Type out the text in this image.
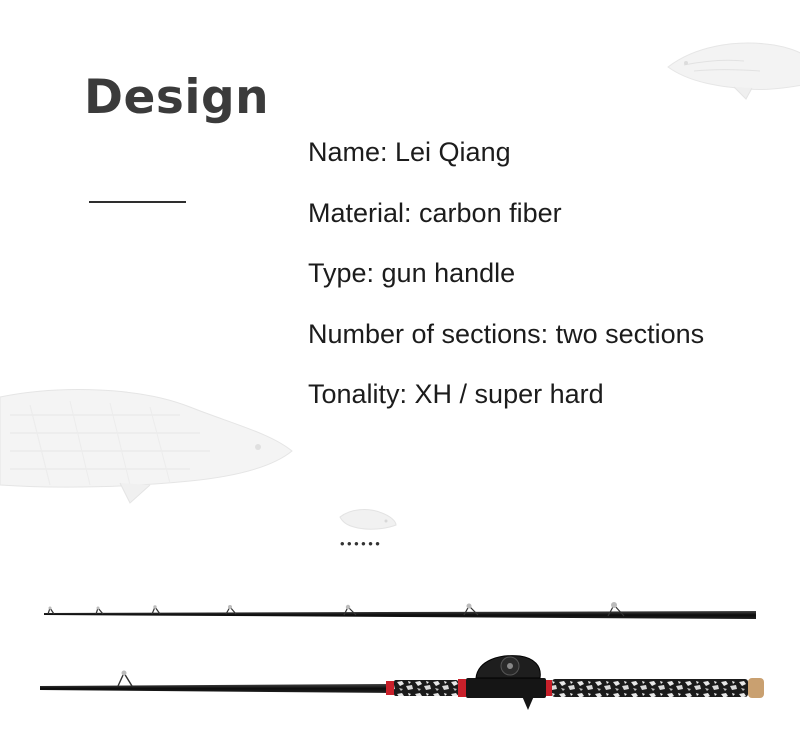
Design
Name: Lei Qiang
Material: carbon fiber
Type: gun handle
Number of sections: two sections
Tonality: XH / super hard
••••••
